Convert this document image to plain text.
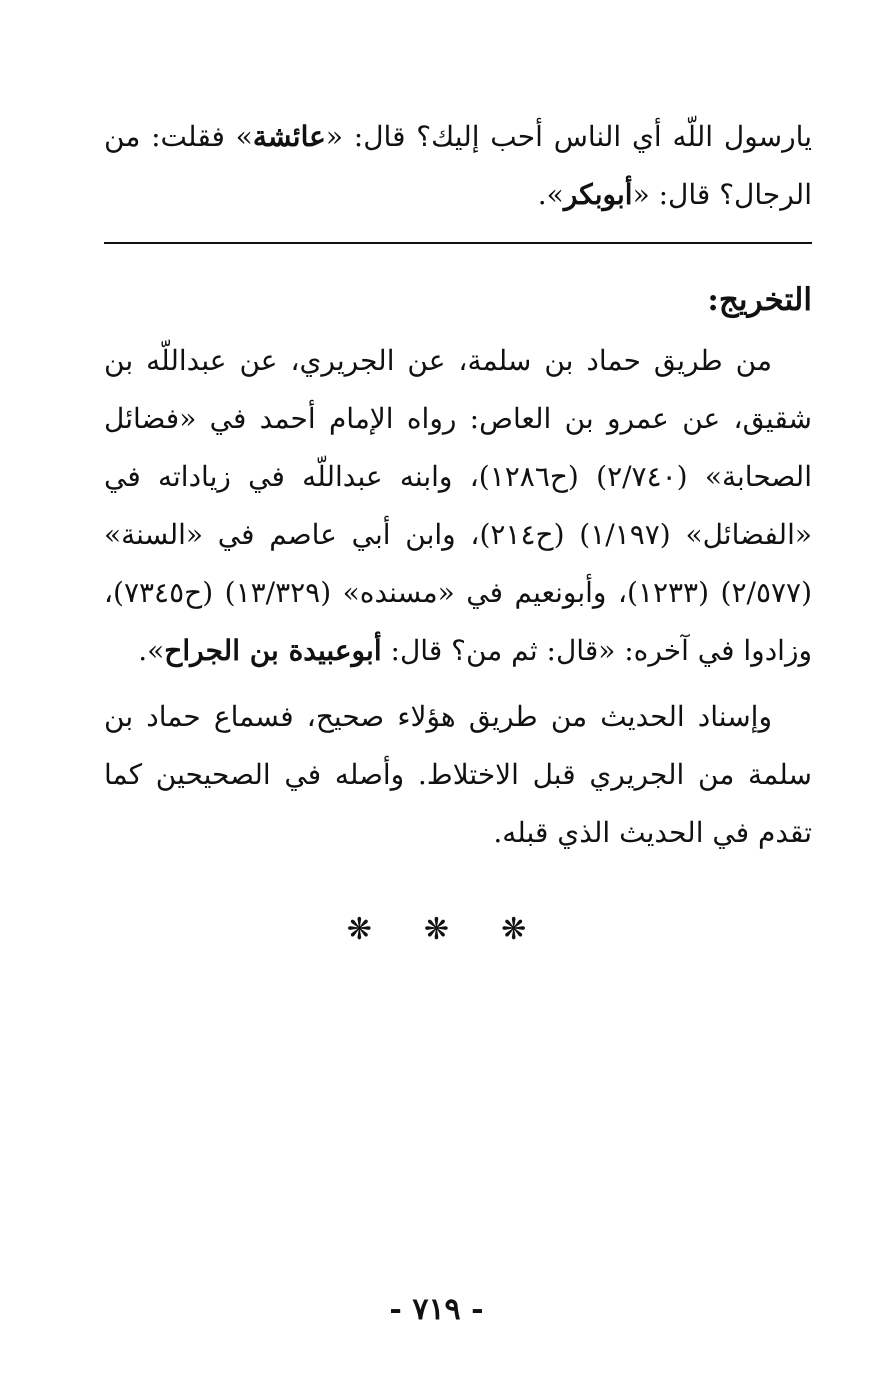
يارسول اللّه أي الناس أحب إليك؟ قال: «عائشة» فقلت: من الرجال؟ قال: «أبوبكر».

التخريج:

من طريق حماد بن سلمة، عن الجريري، عن عبداللّه بن شقيق، عن عمرو بن العاص: رواه الإمام أحمد في «فضائل الصحابة» (٢/٧٤٠) (ح١٢٨٦)، وابنه عبداللّه في زياداته في «الفضائل» (١/١٩٧) (ح٢١٤)، وابن أبي عاصم في «السنة» (٢/٥٧٧) (١٢٣٣)، وأبونعيم في «مسنده» (١٣/٣٢٩) (ح٧٣٤٥)، وزادوا في آخره: «قال: ثم من؟ قال: أبوعبيدة بن الجراح».

وإسناد الحديث من طريق هؤلاء صحيح، فسماع حماد بن سلمة من الجريري قبل الاختلاط. وأصله في الصحيحين كما تقدم في الحديث الذي قبله.

❋ ❋ ❋
- ٧١٩ -
